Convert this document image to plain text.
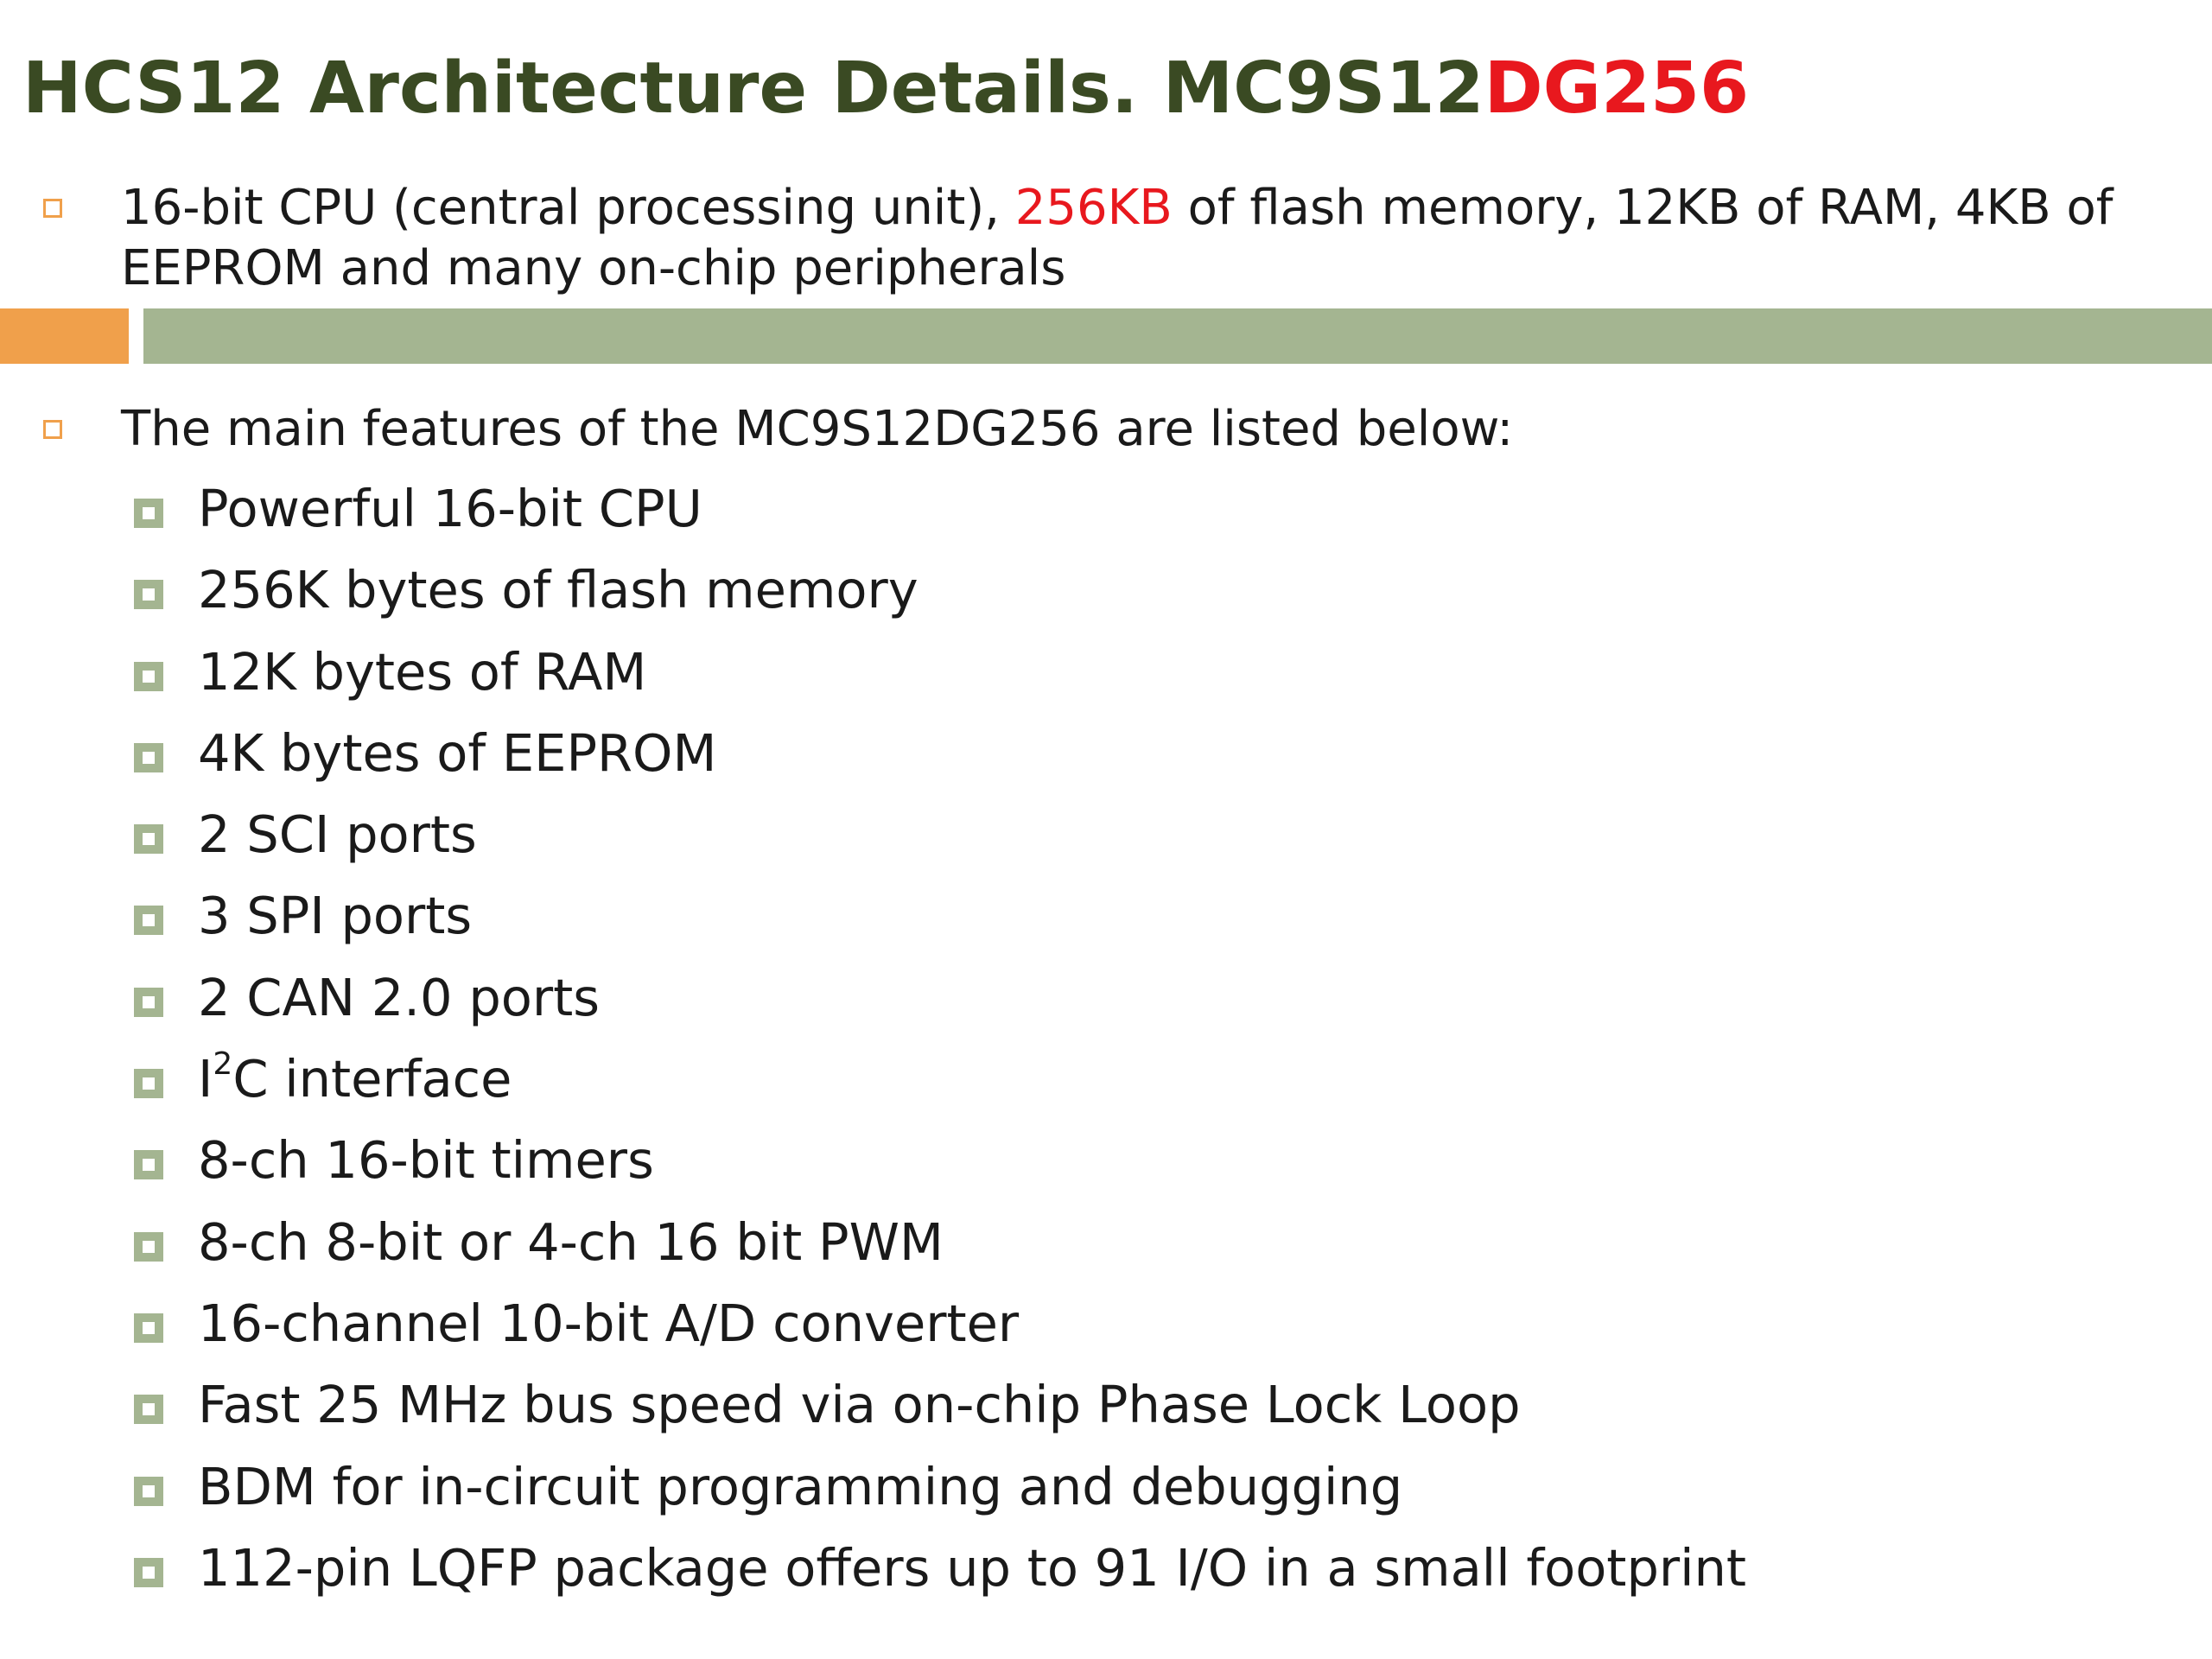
HCS12 Architecture Details. MC9S12DG256
16-bit CPU (central processing unit), 256KB of flash memory, 12KB of RAM, 4KB of EEPROM and many on-chip peripherals
The main features of the MC9S12DG256 are listed below:
Powerful 16-bit CPU
256K bytes of flash memory
12K bytes of RAM
4K bytes of EEPROM
2 SCI ports
3 SPI ports
2 CAN 2.0 ports
$I^2C$ interface
8-ch 16-bit timers
8-ch 8-bit or 4-ch 16 bit PWM
16-channel 10-bit A/D converter
Fast 25 MHz bus speed via on-chip Phase Lock Loop
BDM for in-circuit programming and debugging
112-pin LQFP package offers up to 91 I/O in a small footprint
